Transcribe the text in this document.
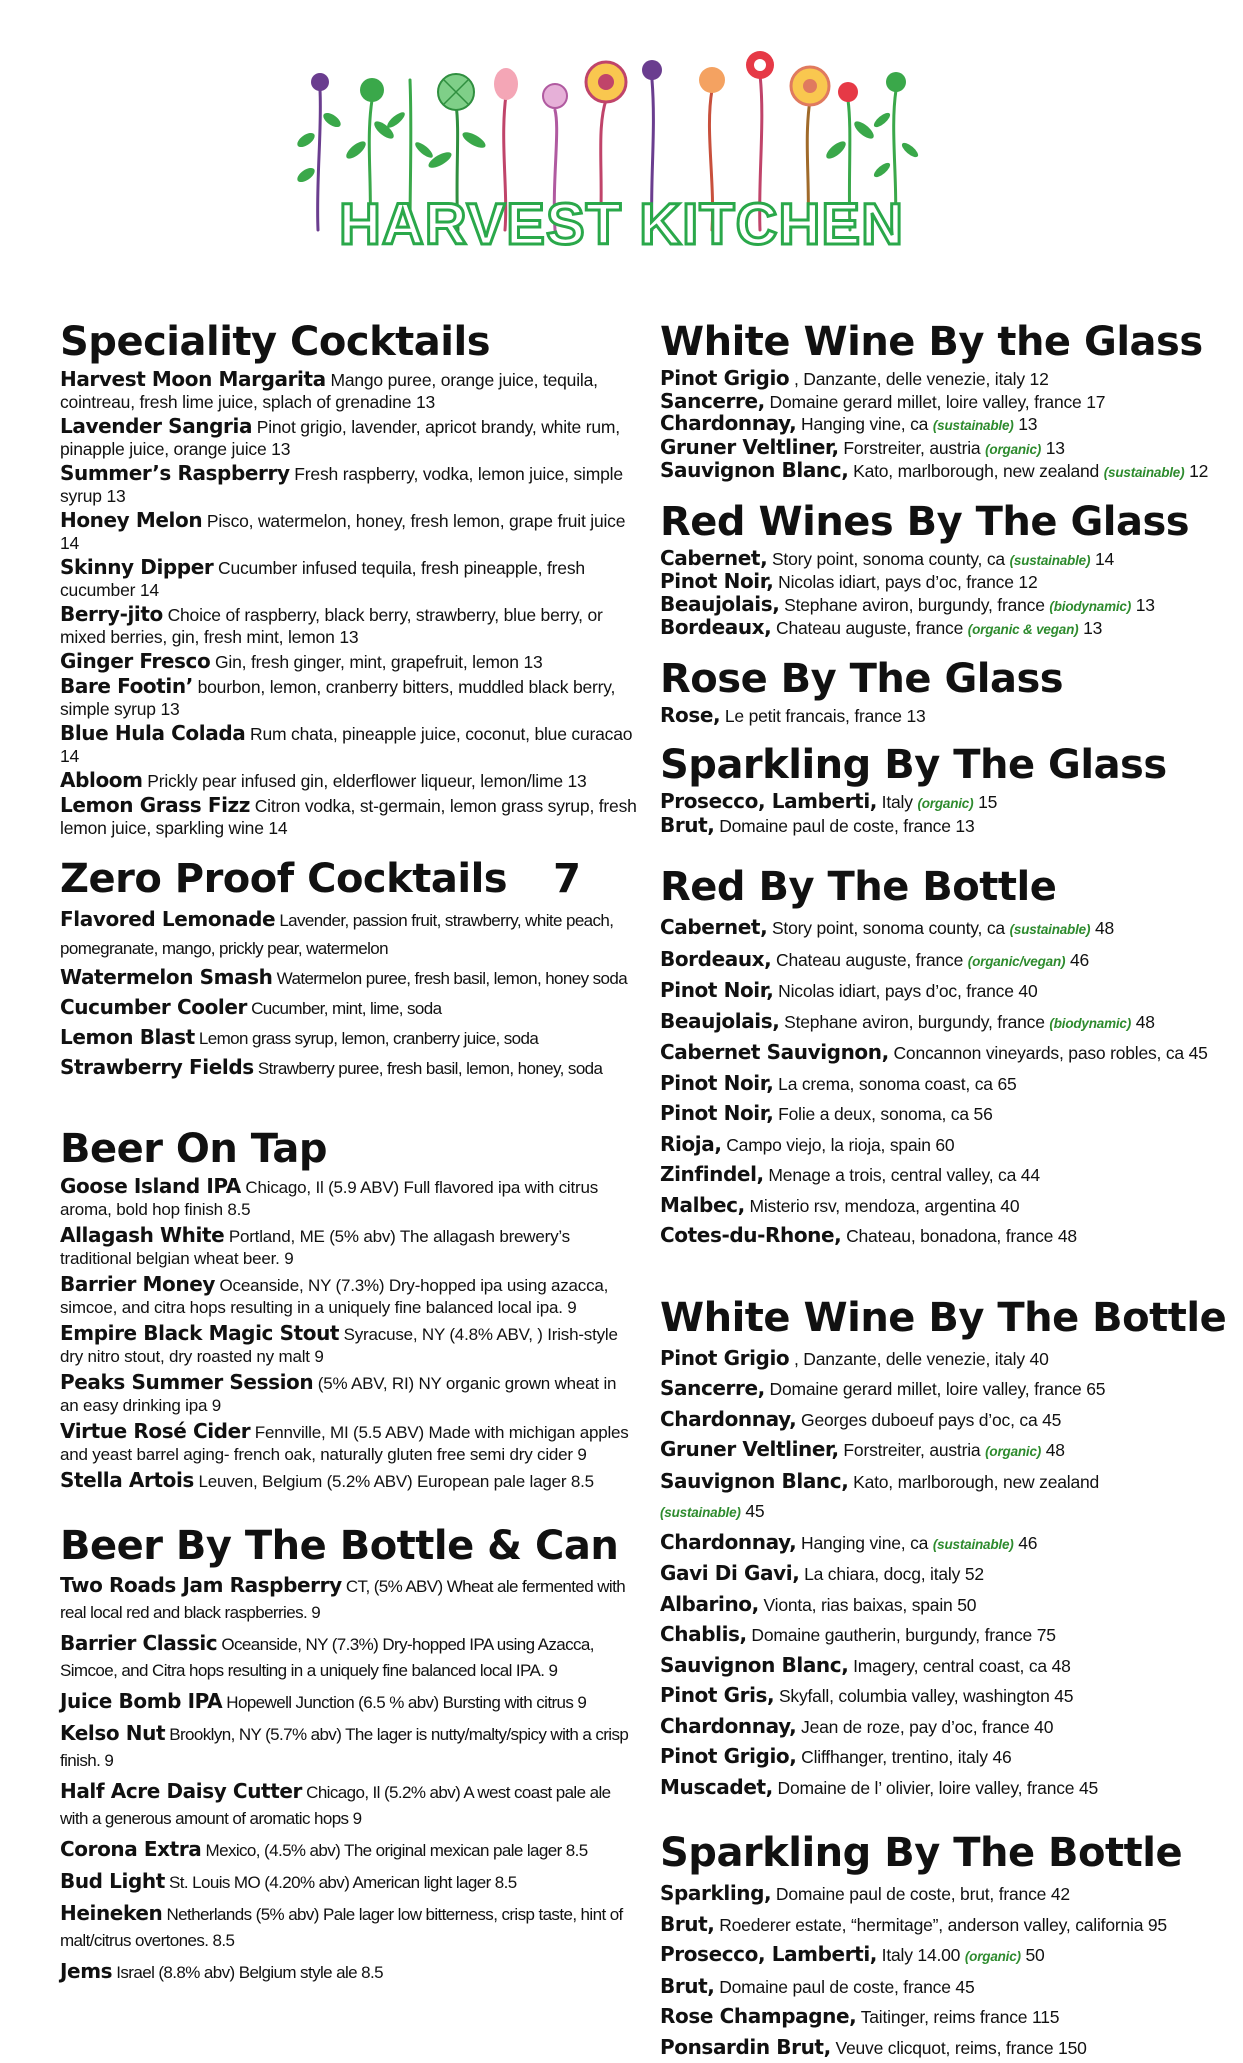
HARVEST KITCHEN
Speciality Cocktails

Harvest Moon Margarita Mango puree, orange juice, tequila, cointreau, fresh lime juice, splach of grenadine 13

Lavender Sangria Pinot grigio, lavender, apricot brandy, white rum, pinapple juice, orange juice 13

Summer’s Raspberry Fresh raspberry, vodka, lemon juice, simple syrup 13

Honey Melon Pisco, watermelon, honey, fresh lemon, grape fruit juice 14

Skinny Dipper Cucumber infused tequila, fresh pineapple, fresh cucumber 14

Berry-jito Choice of raspberry, black berry, strawberry, blue berry, or mixed berries, gin, fresh mint, lemon 13

Ginger Fresco Gin, fresh ginger, mint, grapefruit, lemon 13

Bare Footin’ bourbon, lemon, cranberry bitters, muddled black berry, simple syrup 13

Blue Hula Colada Rum chata, pineapple juice, coconut, blue curacao 14

Abloom Prickly pear infused gin, elderflower liqueur, lemon/lime 13

Lemon Grass Fizz Citron vodka, st-germain, lemon grass syrup, fresh lemon juice, sparkling wine 14

Zero Proof Cocktails 7

Flavored Lemonade Lavender, passion fruit, strawberry, white peach, pomegranate, mango, prickly pear, watermelon

Watermelon Smash Watermelon puree, fresh basil, lemon, honey soda

Cucumber Cooler Cucumber, mint, lime, soda

Lemon Blast Lemon grass syrup, lemon, cranberry juice, soda

Strawberry Fields Strawberry puree, fresh basil, lemon, honey, soda

Beer On Tap

Goose Island IPA Chicago, Il (5.9 ABV) Full flavored ipa with citrus aroma, bold hop finish 8.5

Allagash White Portland, ME (5% abv) The allagash brewery’s traditional belgian wheat beer. 9

Barrier Money Oceanside, NY (7.3%) Dry-hopped ipa using azacca, simcoe, and citra hops resulting in a uniquely fine balanced local ipa. 9

Empire Black Magic Stout Syracuse, NY (4.8% ABV, ) Irish-style dry nitro stout, dry roasted ny malt 9

Peaks Summer Session (5% ABV, RI) NY organic grown wheat in an easy drinking ipa 9

Virtue Rosé Cider Fennville, MI (5.5 ABV) Made with michigan apples and yeast barrel aging- french oak, naturally gluten free semi dry cider 9

Stella Artois Leuven, Belgium (5.2% ABV) European pale lager 8.5

Beer By The Bottle & Can

Two Roads Jam Raspberry CT, (5% ABV) Wheat ale fermented with real local red and black raspberries. 9

Barrier Classic Oceanside, NY (7.3%) Dry-hopped IPA using Azacca, Simcoe, and Citra hops resulting in a uniquely fine balanced local IPA. 9

Juice Bomb IPA Hopewell Junction (6.5 % abv) Bursting with citrus 9

Kelso Nut Brooklyn, NY (5.7% abv) The lager is nutty/malty/spicy with a crisp finish. 9

Half Acre Daisy Cutter Chicago, Il (5.2% abv) A west coast pale ale with a generous amount of aromatic hops 9

Corona Extra Mexico, (4.5% abv) The original mexican pale lager 8.5

Bud Light St. Louis MO (4.20% abv) American light lager 8.5

Heineken Netherlands (5% abv) Pale lager low bitterness, crisp taste, hint of malt/citrus overtones. 8.5

Jems Israel (8.8% abv) Belgium style ale 8.5

White Wine By the Glass

Pinot Grigio , Danzante, delle venezie, italy 12

Sancerre, Domaine gerard millet, loire valley, france 17

Chardonnay, Hanging vine, ca (sustainable) 13

Gruner Veltliner, Forstreiter, austria (organic) 13

Sauvignon Blanc, Kato, marlborough, new zealand (sustainable) 12

Red Wines By The Glass

Cabernet, Story point, sonoma county, ca (sustainable) 14

Pinot Noir, Nicolas idiart, pays d’oc, france 12

Beaujolais, Stephane aviron, burgundy, france (biodynamic) 13

Bordeaux, Chateau auguste, france (organic & vegan) 13

Rose By The Glass

Rose, Le petit francais, france 13

Sparkling By The Glass

Prosecco, Lamberti, Italy (organic) 15

Brut, Domaine paul de coste, france 13

Red By The Bottle

Cabernet, Story point, sonoma county, ca (sustainable) 48

Bordeaux, Chateau auguste, france (organic/vegan) 46

Pinot Noir, Nicolas idiart, pays d’oc, france 40

Beaujolais, Stephane aviron, burgundy, france (biodynamic) 48

Cabernet Sauvignon, Concannon vineyards, paso robles, ca 45

Pinot Noir, La crema, sonoma coast, ca 65

Pinot Noir, Folie a deux, sonoma, ca 56

Rioja, Campo viejo, la rioja, spain 60

Zinfindel, Menage a trois, central valley, ca 44

Malbec, Misterio rsv, mendoza, argentina 40

Cotes-du-Rhone, Chateau, bonadona, france 48

White Wine By The Bottle

Pinot Grigio , Danzante, delle venezie, italy 40

Sancerre, Domaine gerard millet, loire valley, france 65

Chardonnay, Georges duboeuf pays d’oc, ca 45

Gruner Veltliner, Forstreiter, austria (organic) 48

Sauvignon Blanc, Kato, marlborough, new zealand
(sustainable) 45

Chardonnay, Hanging vine, ca (sustainable) 46

Gavi Di Gavi, La chiara, docg, italy 52

Albarino, Vionta, rias baixas, spain 50

Chablis, Domaine gautherin, burgundy, france 75

Sauvignon Blanc, Imagery, central coast, ca 48

Pinot Gris, Skyfall, columbia valley, washington 45

Chardonnay, Jean de roze, pay d’oc, france 40

Pinot Grigio, Cliffhanger, trentino, italy 46

Muscadet, Domaine de l’ olivier, loire valley, france 45

Sparkling By The Bottle

Sparkling, Domaine paul de coste, brut, france 42

Brut, Roederer estate, “hermitage”, anderson valley, california 95

Prosecco, Lamberti, Italy 14.00 (organic) 50

Brut, Domaine paul de coste, france 45

Rose Champagne, Taitinger, reims france 115

Ponsardin Brut, Veuve clicquot, reims, france 150
